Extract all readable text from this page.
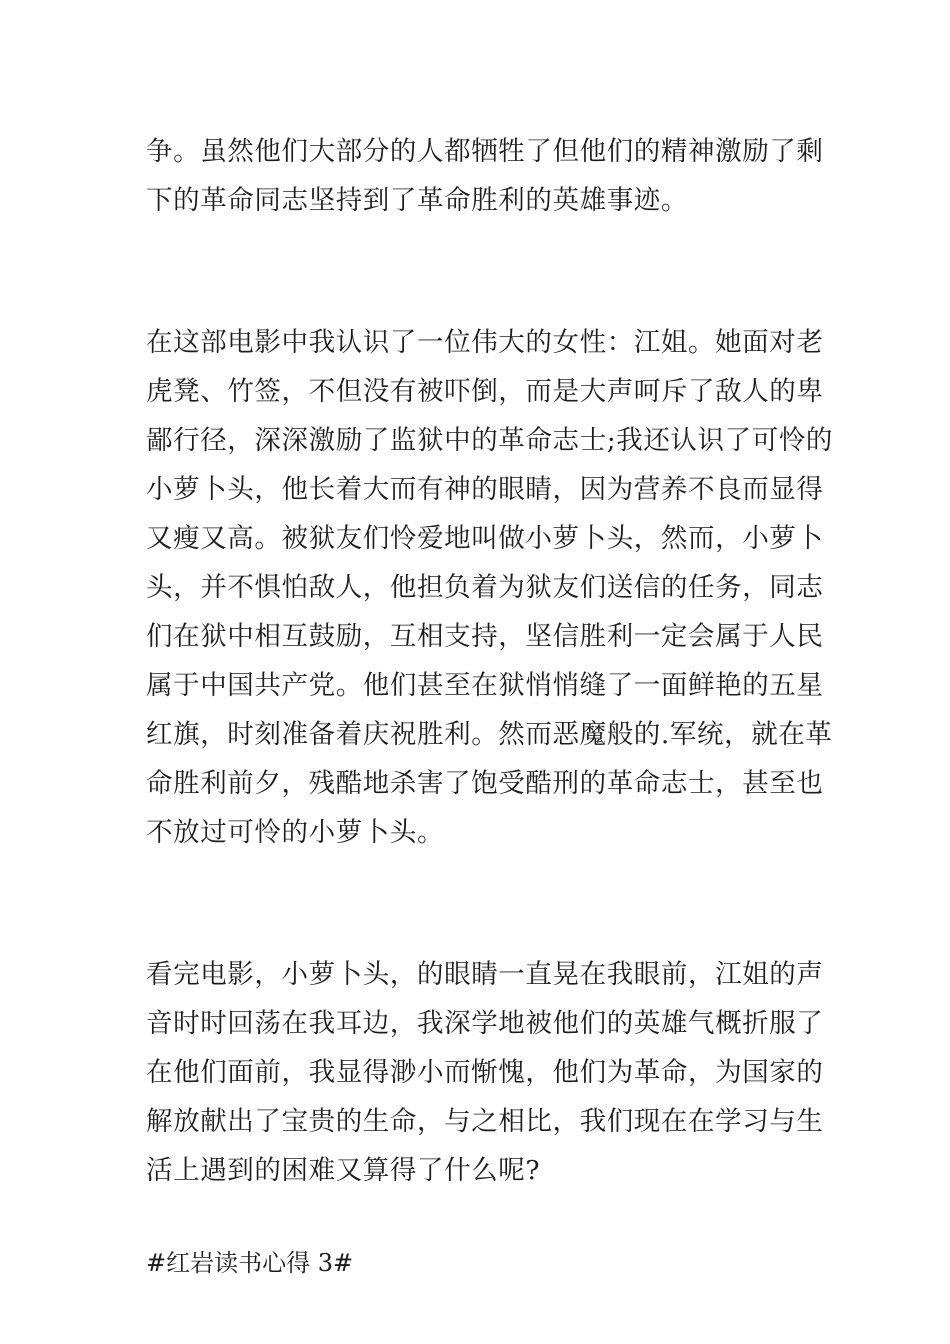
争。虽然他们大部分的人都牺牲了但他们的精神激励了剩

下的革命同志坚持到了革命胜利的英雄事迹。

在这部电影中我认识了一位伟大的女性：江姐。她面对老

虎凳、竹签，不但没有被吓倒，而是大声呵斥了敌人的卑

鄙行径，深深激励了监狱中的革命志士;我还认识了可怜的

小萝卜头，他长着大而有神的眼睛，因为营养不良而显得

又瘦又高。被狱友们怜爱地叫做小萝卜头，然而，小萝卜

头，并不惧怕敌人，他担负着为狱友们送信的任务，同志

们在狱中相互鼓励，互相支持，坚信胜利一定会属于人民

属于中国共产党。他们甚至在狱悄悄缝了一面鲜艳的五星

红旗，时刻准备着庆祝胜利。然而恶魔般的.军统，就在革

命胜利前夕，残酷地杀害了饱受酷刑的革命志士，甚至也

不放过可怜的小萝卜头。

看完电影，小萝卜头，的眼睛一直晃在我眼前，江姐的声

音时时回荡在我耳边，我深学地被他们的英雄气概折服了

在他们面前，我显得渺小而惭愧，他们为革命，为国家的

解放献出了宝贵的生命，与之相比，我们现在在学习与生

活上遇到的困难又算得了什么呢?

#红岩读书心得 3#
